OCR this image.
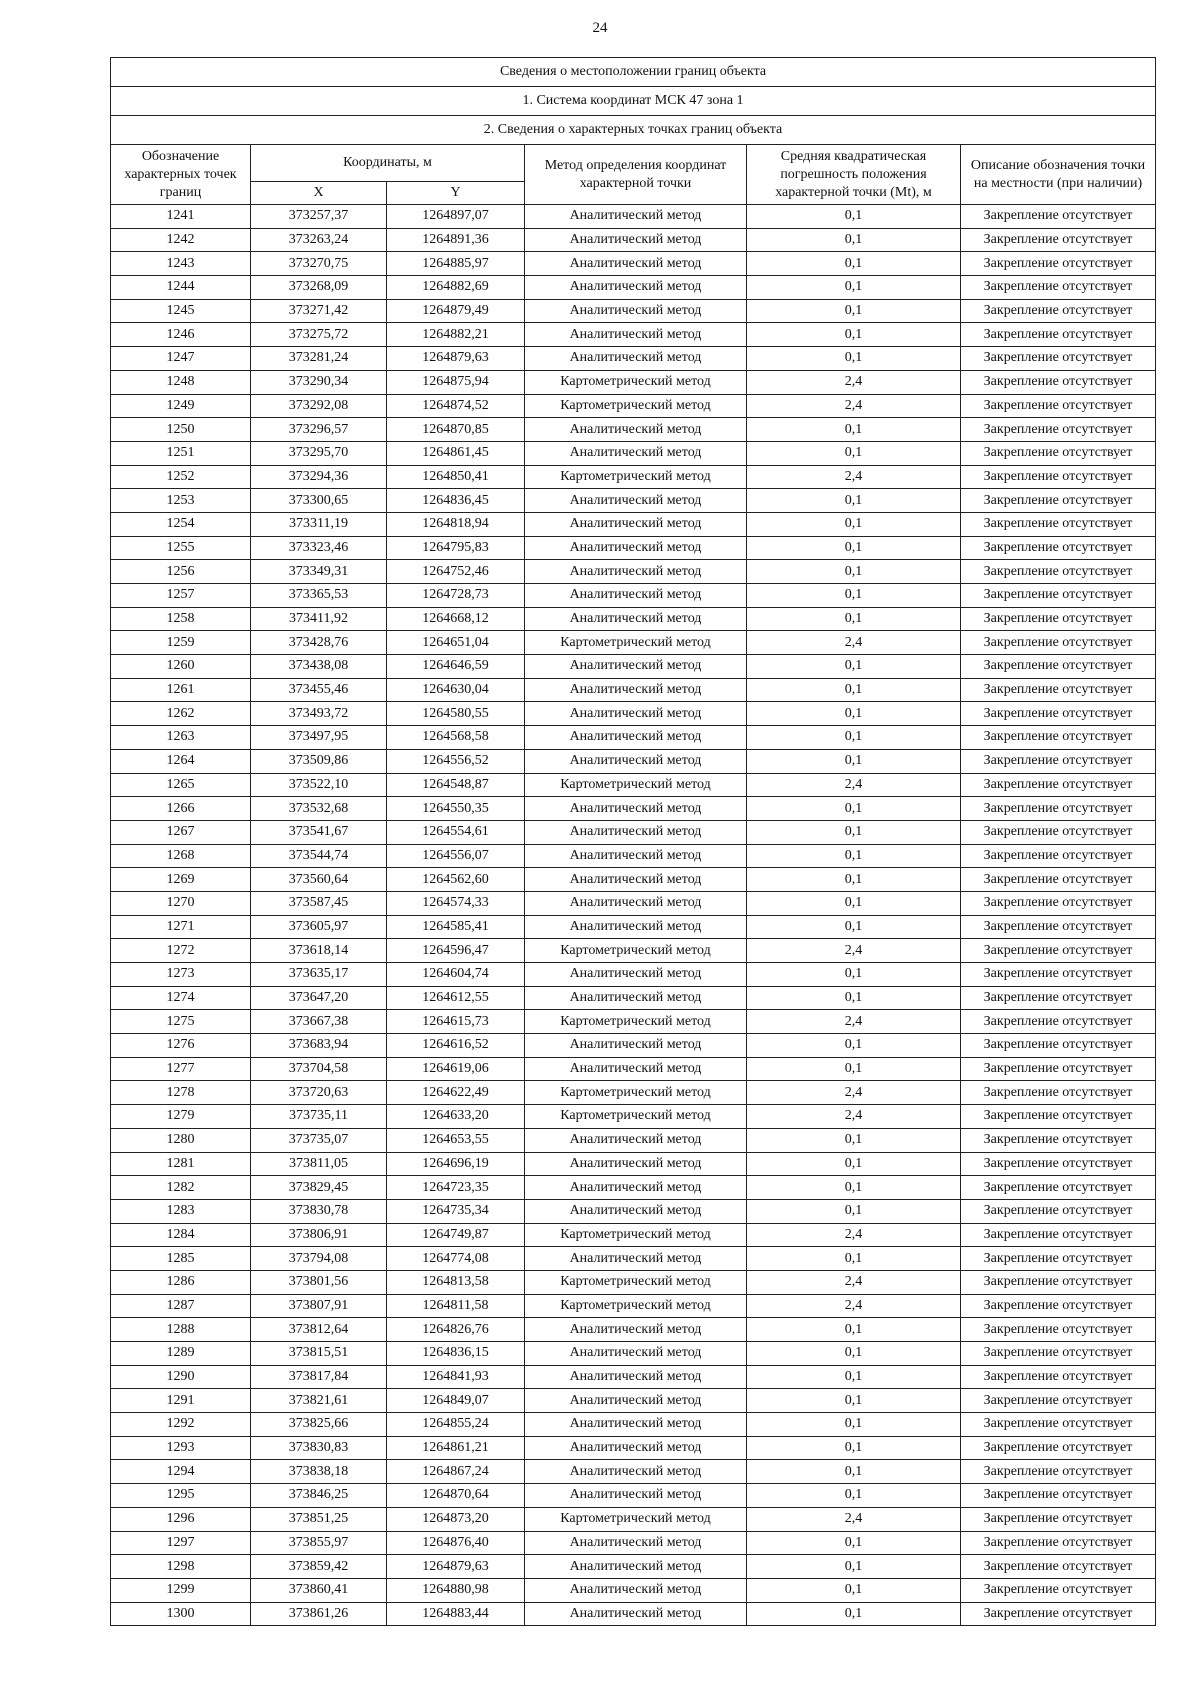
24
Сведения о местоположении границ объекта					
1. Система координат МСК 47 зона 1					
2. Сведения о характерных точках границ объекта					
Обозначение характерных точек границ	Координаты, м		Метод определения координат характерной точки	Средняя квадратическая погрешность положения характерной точки (Mt), м	Описание обозначения точки на местности (при наличии)
	X	Y			
1241	373257,37	1264897,07	Аналитический метод	0,1	Закрепление отсутствует
1242	373263,24	1264891,36	Аналитический метод	0,1	Закрепление отсутствует
1243	373270,75	1264885,97	Аналитический метод	0,1	Закрепление отсутствует
1244	373268,09	1264882,69	Аналитический метод	0,1	Закрепление отсутствует
1245	373271,42	1264879,49	Аналитический метод	0,1	Закрепление отсутствует
1246	373275,72	1264882,21	Аналитический метод	0,1	Закрепление отсутствует
1247	373281,24	1264879,63	Аналитический метод	0,1	Закрепление отсутствует
1248	373290,34	1264875,94	Картометрический метод	2,4	Закрепление отсутствует
1249	373292,08	1264874,52	Картометрический метод	2,4	Закрепление отсутствует
1250	373296,57	1264870,85	Аналитический метод	0,1	Закрепление отсутствует
1251	373295,70	1264861,45	Аналитический метод	0,1	Закрепление отсутствует
1252	373294,36	1264850,41	Картометрический метод	2,4	Закрепление отсутствует
1253	373300,65	1264836,45	Аналитический метод	0,1	Закрепление отсутствует
1254	373311,19	1264818,94	Аналитический метод	0,1	Закрепление отсутствует
1255	373323,46	1264795,83	Аналитический метод	0,1	Закрепление отсутствует
1256	373349,31	1264752,46	Аналитический метод	0,1	Закрепление отсутствует
1257	373365,53	1264728,73	Аналитический метод	0,1	Закрепление отсутствует
1258	373411,92	1264668,12	Аналитический метод	0,1	Закрепление отсутствует
1259	373428,76	1264651,04	Картометрический метод	2,4	Закрепление отсутствует
1260	373438,08	1264646,59	Аналитический метод	0,1	Закрепление отсутствует
1261	373455,46	1264630,04	Аналитический метод	0,1	Закрепление отсутствует
1262	373493,72	1264580,55	Аналитический метод	0,1	Закрепление отсутствует
1263	373497,95	1264568,58	Аналитический метод	0,1	Закрепление отсутствует
1264	373509,86	1264556,52	Аналитический метод	0,1	Закрепление отсутствует
1265	373522,10	1264548,87	Картометрический метод	2,4	Закрепление отсутствует
1266	373532,68	1264550,35	Аналитический метод	0,1	Закрепление отсутствует
1267	373541,67	1264554,61	Аналитический метод	0,1	Закрепление отсутствует
1268	373544,74	1264556,07	Аналитический метод	0,1	Закрепление отсутствует
1269	373560,64	1264562,60	Аналитический метод	0,1	Закрепление отсутствует
1270	373587,45	1264574,33	Аналитический метод	0,1	Закрепление отсутствует
1271	373605,97	1264585,41	Аналитический метод	0,1	Закрепление отсутствует
1272	373618,14	1264596,47	Картометрический метод	2,4	Закрепление отсутствует
1273	373635,17	1264604,74	Аналитический метод	0,1	Закрепление отсутствует
1274	373647,20	1264612,55	Аналитический метод	0,1	Закрепление отсутствует
1275	373667,38	1264615,73	Картометрический метод	2,4	Закрепление отсутствует
1276	373683,94	1264616,52	Аналитический метод	0,1	Закрепление отсутствует
1277	373704,58	1264619,06	Аналитический метод	0,1	Закрепление отсутствует
1278	373720,63	1264622,49	Картометрический метод	2,4	Закрепление отсутствует
1279	373735,11	1264633,20	Картометрический метод	2,4	Закрепление отсутствует
1280	373735,07	1264653,55	Аналитический метод	0,1	Закрепление отсутствует
1281	373811,05	1264696,19	Аналитический метод	0,1	Закрепление отсутствует
1282	373829,45	1264723,35	Аналитический метод	0,1	Закрепление отсутствует
1283	373830,78	1264735,34	Аналитический метод	0,1	Закрепление отсутствует
1284	373806,91	1264749,87	Картометрический метод	2,4	Закрепление отсутствует
1285	373794,08	1264774,08	Аналитический метод	0,1	Закрепление отсутствует
1286	373801,56	1264813,58	Картометрический метод	2,4	Закрепление отсутствует
1287	373807,91	1264811,58	Картометрический метод	2,4	Закрепление отсутствует
1288	373812,64	1264826,76	Аналитический метод	0,1	Закрепление отсутствует
1289	373815,51	1264836,15	Аналитический метод	0,1	Закрепление отсутствует
1290	373817,84	1264841,93	Аналитический метод	0,1	Закрепление отсутствует
1291	373821,61	1264849,07	Аналитический метод	0,1	Закрепление отсутствует
1292	373825,66	1264855,24	Аналитический метод	0,1	Закрепление отсутствует
1293	373830,83	1264861,21	Аналитический метод	0,1	Закрепление отсутствует
1294	373838,18	1264867,24	Аналитический метод	0,1	Закрепление отсутствует
1295	373846,25	1264870,64	Аналитический метод	0,1	Закрепление отсутствует
1296	373851,25	1264873,20	Картометрический метод	2,4	Закрепление отсутствует
1297	373855,97	1264876,40	Аналитический метод	0,1	Закрепление отсутствует
1298	373859,42	1264879,63	Аналитический метод	0,1	Закрепление отсутствует
1299	373860,41	1264880,98	Аналитический метод	0,1	Закрепление отсутствует
1300	373861,26	1264883,44	Аналитический метод	0,1	Закрепление отсутствует
